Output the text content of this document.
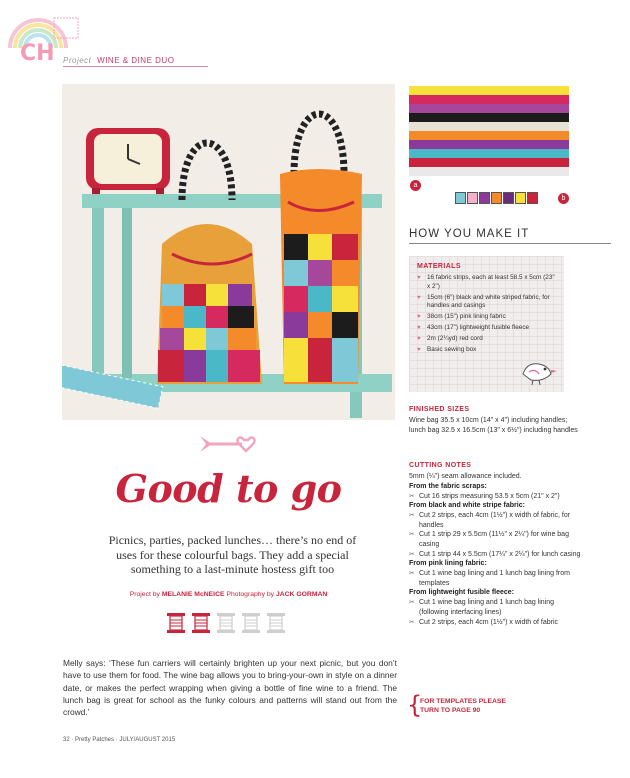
CH Project WINE & DINE DUO
a
b
HOW YOU MAKE IT
MATERIALS
♥ 16 fabric strips, each at least 58.5 x 5cm (23" x 2")
♥ 15cm (6") black and white striped fabric, for handles and casings
♥ 38cm (15") pink lining fabric
♥ 43cm (17") lightweight fusible fleece
♥ 2m (2¼yd) red cord
♥ Basic sewing box
FINISHED SIZES
Wine bag 35.5 x 10cm (14" x 4") including handles; lunch bag 32.5 x 16.5cm (13" x 6½") including handles
CUTTING NOTES
5mm (¼") seam allowance included.
From the fabric scraps:
✂ Cut 16 strips measuring 53.5 x 5cm (21" x 2")
From black and white stripe fabric:
✂ Cut 2 strips, each 4cm (1½") x width of fabric, for handles
✂ Cut 1 strip 29 x 5.5cm (11½" x 2¼") for wine bag casing
✂ Cut 1 strip 44 x 5.5cm (17¼" x 2¼") for lunch casing
From pink lining fabric:
✂ Cut 1 wine bag lining and 1 lunch bag lining from templates
From lightweight fusible fleece:
✂ Cut 1 wine bag lining and 1 lunch bag lining (following interfacing lines)
✂ Cut 2 strips, each 4cm (1½") x width of fabric
{
FOR TEMPLATES PLEASE
TURN TO PAGE 90
Good to go
Picnics, parties, packed lunches… there’s no end of uses for these colourful bags. They add a special something to a last-minute hostess gift too
Project by MELANIE McNEICE Photography by JACK GORMAN
Melly says: ‘These fun carriers will certainly brighten up your next picnic, but you don’t have to use them for food. The wine bag allows you to bring-your-own in style on a dinner date, or makes the perfect wrapping when giving a bottle of fine wine to a friend. The lunch bag is great for school as the funky colours and patterns will stand out from the crowd.’
32 · Pretty Patches · JULY/AUGUST 2015
